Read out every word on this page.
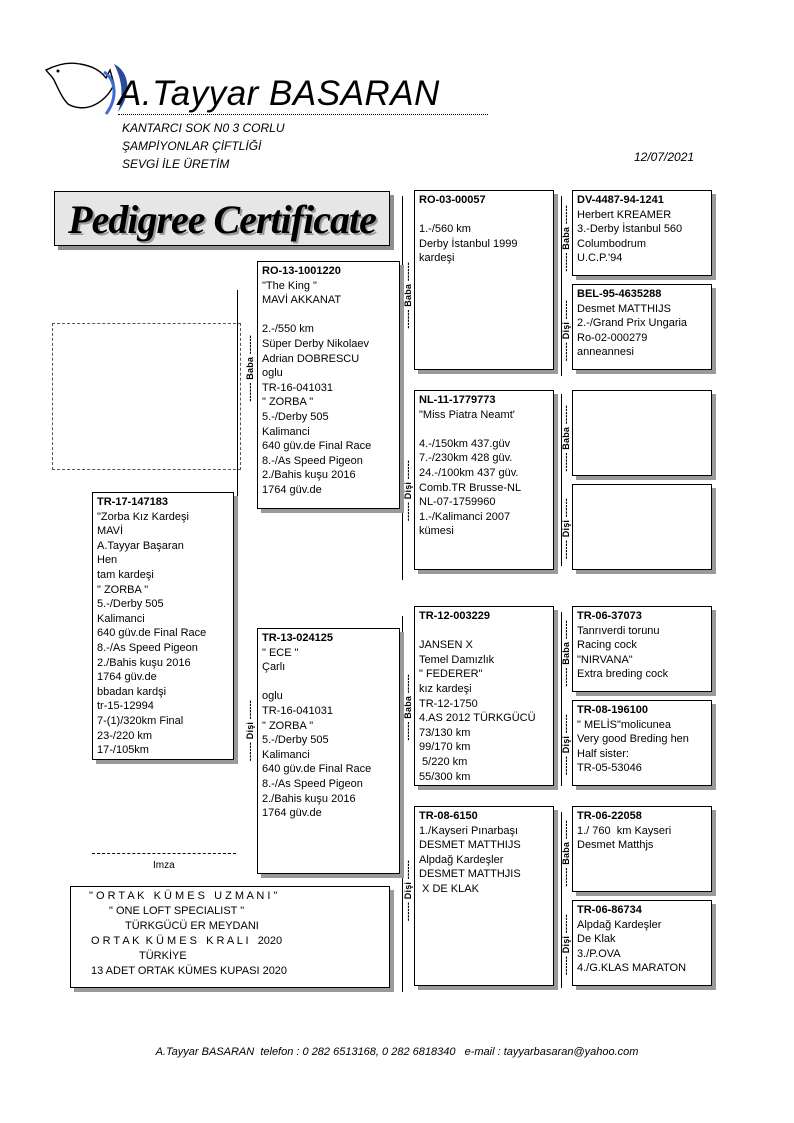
A.Tayyar BASARAN
KANTARCI SOK N0 3 CORLU
ŞAMPİYONLAR ÇİFTLİĞİ
SEVGİ İLE ÜRETİM	12/07/2021
Pedigree Certificate
TR-17-147183
"Zorba Kız Kardeşi
MAVİ
A.Tayyar Başaran
Hen
tam kardeşi
" ZORBA "
5.-/Derby 505
Kalimanci
640 güv.de Final Race
8.-/As Speed Pigeon
2./Bahis kuşu 2016
1764 güv.de
bbadan kardşi
tr-15-12994
7-(1)/320km Final
23-/220 km
17-/105km
------ Baba ------
RO-13-1001220
"The King "
MAVİ AKKANAT

2.-/550 km
Süper Derby Nikolaev
Adrian DOBRESCU
oglu
TR-16-041031
" ZORBA "
5.-/Derby 505
Kalimanci
640 güv.de Final Race
8.-/As Speed Pigeon
2./Bahis kuşu 2016
1764 güv.de
------ Dişi ------
TR-13-024125
" ECE "
Çarlı

oglu
TR-16-041031
" ZORBA "
5.-/Derby 505
Kalimanci
640 güv.de Final Race
8.-/As Speed Pigeon
2./Bahis kuşu 2016
1764 güv.de
------ Baba ------
RO-03-00057

1.-/560 km
Derby İstanbul 1999
kardeşi
------ Dişi ------
NL-11-1779773
"Miss Piatra Neamt'

4.-/150km 437.güv
7.-/230km 428 güv.
24.-/100km 437 güv.
Comb.TR Brusse-NL
NL-07-1759960
1.-/Kalimanci 2007
kümesi
------ Baba ------
TR-12-003229

JANSEN X
Temel Damızlık
" FEDERER"
kız kardeşi
TR-12-1750
4.AS 2012 TÜRKGÜCÜ
73/130 km
99/170 km
5/220 km
55/300 km
------ Dişi ------
TR-08-6150
1./Kayseri Pınarbaşı
DESMET MATTHIJS
Alpdağ Kardeşler
DESMET MATTHJIS
X DE KLAK
------ Baba ------
DV-4487-94-1241
Herbert KREAMER
3.-Derby İstanbul 560
Columbodrum
U.C.P.'94
------ Dişi ------
BEL-95-4635288
Desmet MATTHIJS
2.-/Grand Prix Ungaria
Ro-02-000279
anneannesi
------ Baba ------
------ Dişi ------
------ Baba ------
TR-06-37073
Tanrıverdi torunu
Racing cock
"NIRVANA"
Extra breding cock
------ Dişi ------
TR-08-196100
" MELİS"molicunea
Very good Breding hen
Half sister:
TR-05-53046
------ Baba ------
TR-06-22058
1./ 760  km Kayseri
Desmet Matthjs
------ Dişi ------
TR-06-86734
Alpdağ Kardeşler
De Klak
3./P.OVA
4./G.KLAS MARATON
Imza
" O R T A K   K Ü M E S   U Z M A N I "
" ONE LOFT SPECIALIST "
TÜRKGÜCÜ ER MEYDANI
O R T A K  K Ü M E S   K R A L I   2020
TÜRKİYE
13 ADET ORTAK KÜMES KUPASI 2020
A.Tayyar BASARAN  telefon : 0 282 6513168, 0 282 6818340   e-mail : tayyarbasaran@yahoo.com
